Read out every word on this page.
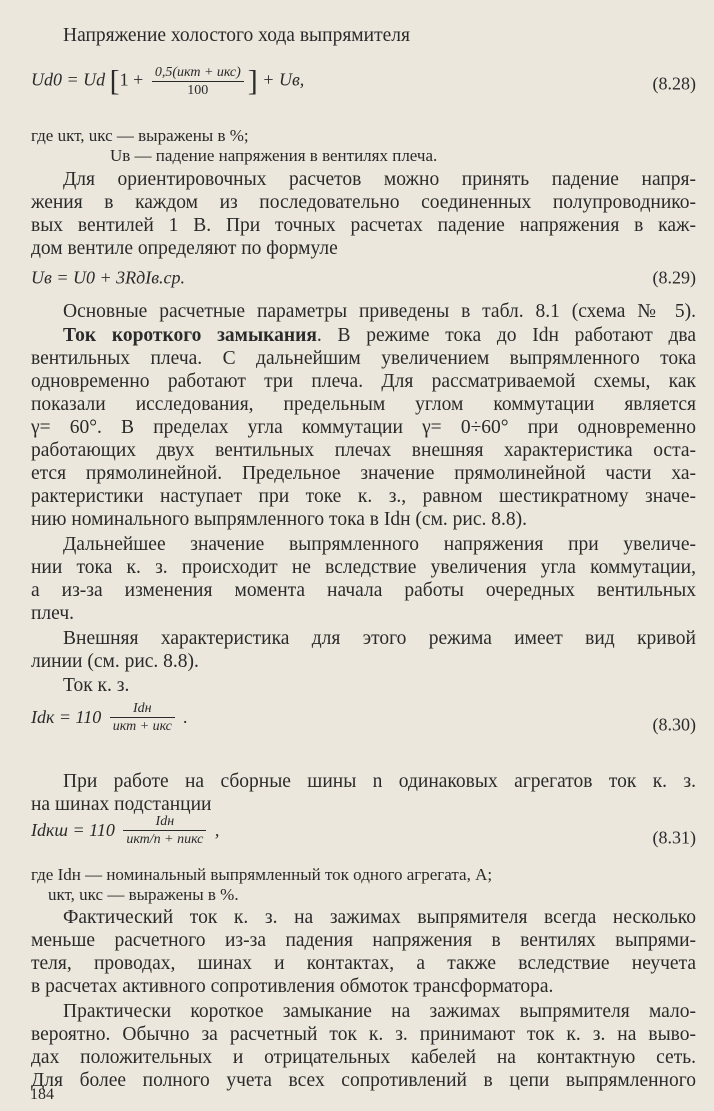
Напряжение холостого хода выпрямителя
Ud0 = Ud [$1 + \frac{\text{0,5(uкт + uкс)}}{100}$ ] + Uв,	(8.28)
где uкт, uкс — выражены в %;
Uв — падение напряжения в вентилях плеча.
Для ориентировочных расчетов можно принять падение напря-
жения в каждом из последовательно соединенных полупроводнико-
вых вентилей 1 В. При точных расчетах падение напряжения в каж-
дом вентиле определяют по формуле
Uв = U0 + 3RдIв.ср.	(8.29)
Основные расчетные параметры приведены в табл. 8.1 (схема № 5).
Ток короткого замыкания. В режиме тока до Idн работают два
вентильных плеча. С дальнейшим увеличением выпрямленного тока
одновременно работают три плеча. Для рассматриваемой схемы, как
показали исследования, предельным углом коммутации является
γ= 60°. В пределах угла коммутации γ= 0÷60° при одновременно
работающих двух вентильных плечах внешняя характеристика оста-
ется прямолинейной. Предельное значение прямолинейной части ха-
рактеристики наступает при токе к. з., равном шестикратному значе-
нию номинального выпрямленного тока в Idн (см. рис. 8.8).
Дальнейшее значение выпрямленного напряжения при увеличе-
нии тока к. з. происходит не вследствие увеличения угла коммутации,
а из-за изменения момента начала работы очередных вентильных
плеч.
Внешняя характеристика для этого режима имеет вид кривой
линии (см. рис. 8.8).
Ток к. з.
Idк = $110 \frac{\text{Idн}}{\text{uкт + uкс}}$ .	(8.30)
При работе на сборные шины n одинаковых агрегатов ток к. з.
на шинах подстанции
Idкш = $110 \frac{\text{Idн}}{\text{uкт/n + nuкс}}$ ,	(8.31)
где Idн — номинальный выпрямленный ток одного агрегата, А;
uкт, uкс — выражены в %.
Фактический ток к. з. на зажимах выпрямителя всегда несколько
меньше расчетного из-за падения напряжения в вентилях выпрями-
теля, проводах, шинах и контактах, а также вследствие неучета
в расчетах активного сопротивления обмоток трансформатора.
Практически короткое замыкание на зажимах выпрямителя мало-
вероятно. Обычно за расчетный ток к. з. принимают ток к. з. на выво-
дах положительных и отрицательных кабелей на контактную сеть.
Для более полного учета всех сопротивлений в цепи выпрямленного
184
